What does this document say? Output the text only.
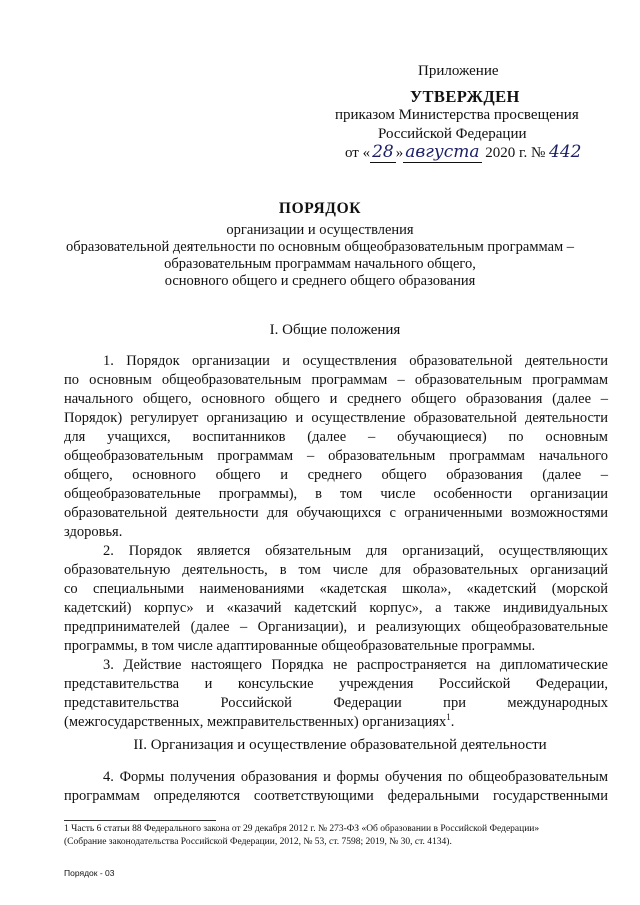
Приложение
УТВЕРЖДЕН
приказом Министерства просвещения
Российской Федерации
от « 28 » августа 2020 г. № 442
ПОРЯДОК
организации и осуществления
образовательной деятельности по основным общеобразовательным программам –
образовательным программам начального общего,
основного общего и среднего общего образования
I. Общие положения
1. Порядок организации и осуществления образовательной деятельности
по основным общеобразовательным программам – образовательным программам
начального общего, основного общего и среднего общего образования (далее –
Порядок) регулирует организацию и осуществление образовательной деятельности
для учащихся, воспитанников (далее – обучающиеся) по основным
общеобразовательным программам – образовательным программам начального
общего, основного общего и среднего общего образования (далее –
общеобразовательные программы), в том числе особенности организации
образовательной деятельности для обучающихся с ограниченными возможностями
здоровья.
2. Порядок является обязательным для организаций, осуществляющих
образовательную деятельность, в том числе для образовательных организаций
со специальными наименованиями «кадетская школа», «кадетский (морской
кадетский) корпус» и «казачий кадетский корпус», а также индивидуальных
предпринимателей (далее – Организации), и реализующих общеобразовательные
программы, в том числе адаптированные общеобразовательные программы.
3. Действие настоящего Порядка не распространяется на дипломатические
представительства и консульские учреждения Российской Федерации,
представительства Российской Федерации при международных
(межгосударственных, межправительственных) организациях$^1$.
II. Организация и осуществление образовательной деятельности
4. Формы получения образования и формы обучения по общеобразовательным
программам определяются соответствующими федеральными государственными
1 Часть 6 статьи 88 Федерального закона от 29 декабря 2012 г. № 273-ФЗ «Об образовании в Российской Федерации»
(Собрание законодательства Российской Федерации, 2012, № 53, ст. 7598; 2019, № 30, ст. 4134).
Порядок - 03
